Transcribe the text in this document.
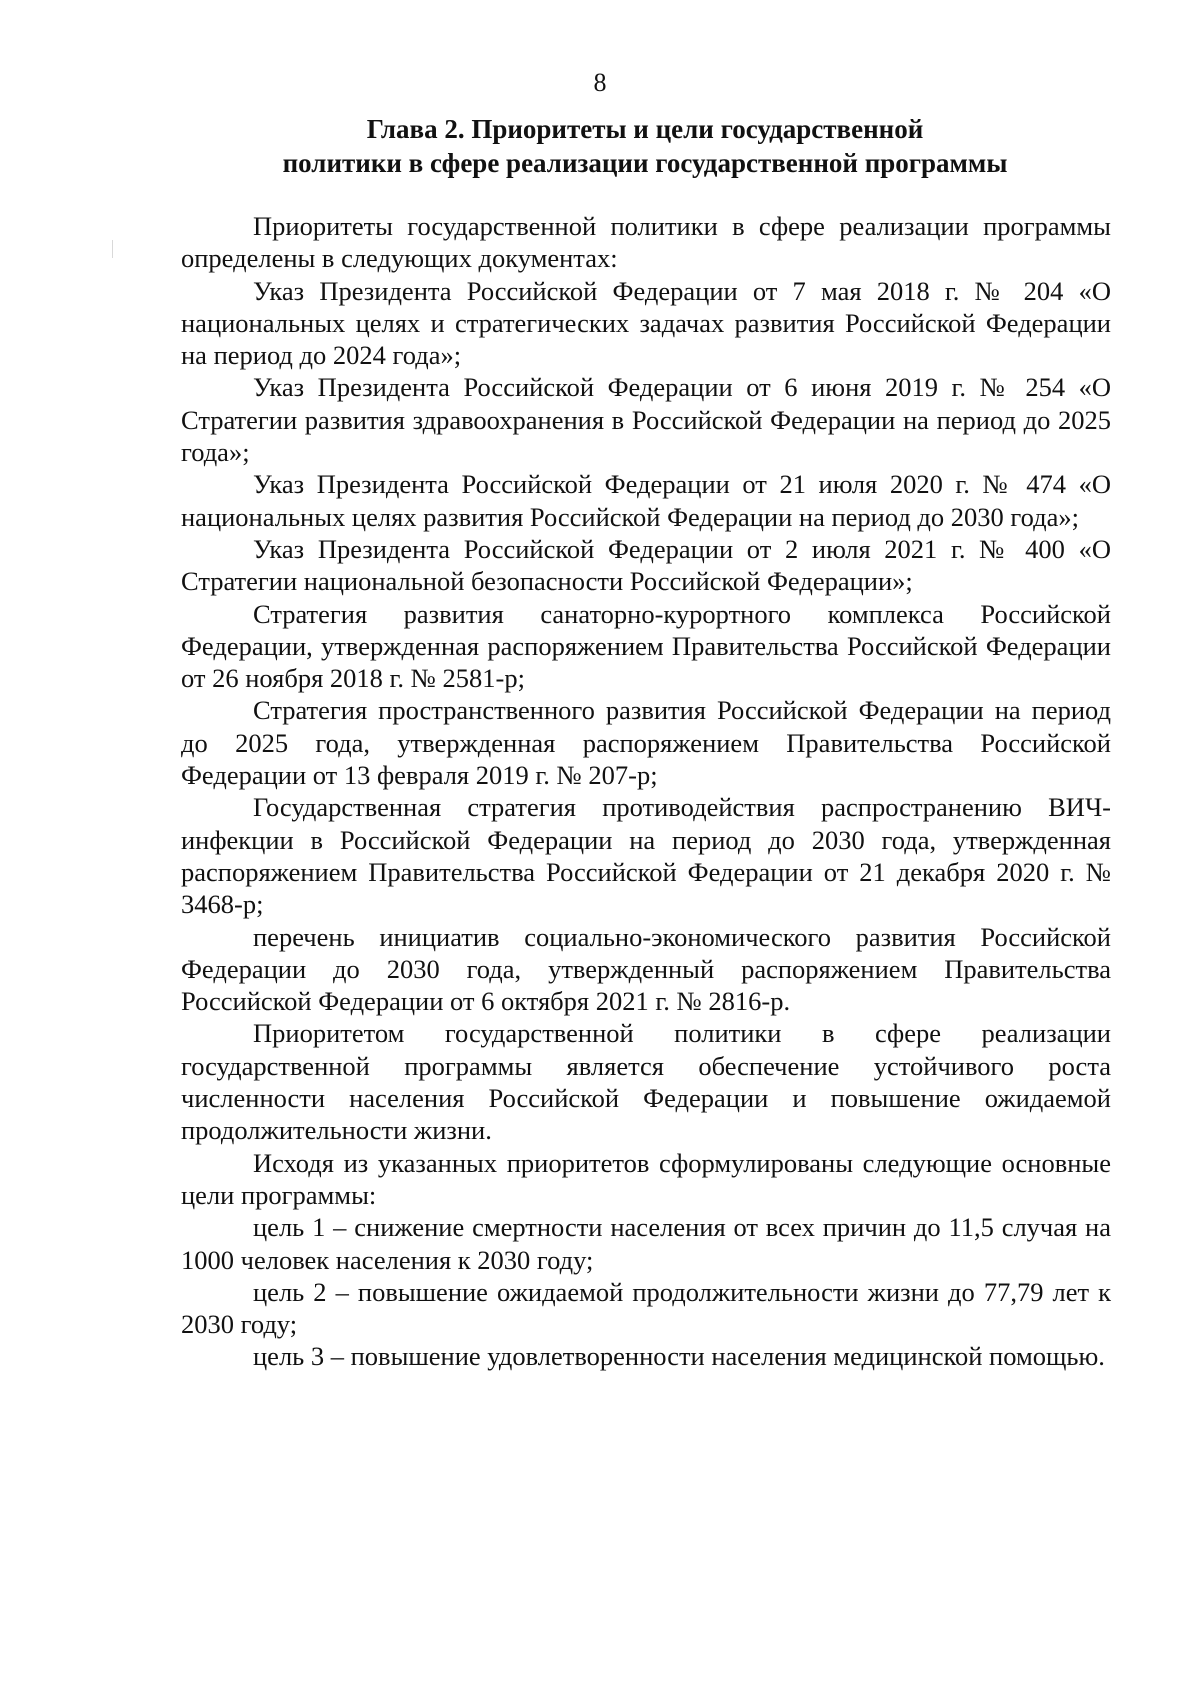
8
Глава 2. Приоритеты и цели государственной
политики в сфере реализации государственной программы

Приоритеты государственной политики в сфере реализации программы определены в следующих документах:

Указ Президента Российской Федерации от 7 мая 2018 г. № 204 «О национальных целях и стратегических задачах развития Российской Федерации на период до 2024 года»;

Указ Президента Российской Федерации от 6 июня 2019 г. № 254 «О Стратегии развития здравоохранения в Российской Федерации на период до 2025 года»;

Указ Президента Российской Федерации от 21 июля 2020 г. № 474 «О национальных целях развития Российской Федерации на период до 2030 года»;

Указ Президента Российской Федерации от 2 июля 2021 г. № 400 «О Стратегии национальной безопасности Российской Федерации»;

Стратегия развития санаторно-курортного комплекса Российской Федерации, утвержденная распоряжением Правительства Российской Федерации от 26 ноября 2018 г. № 2581-р;

Стратегия пространственного развития Российской Федерации на период до 2025 года, утвержденная распоряжением Правительства Российской Федерации от 13 февраля 2019 г. № 207-р;

Государственная стратегия противодействия распространению ВИЧ-инфекции в Российской Федерации на период до 2030 года, утвержденная распоряжением Правительства Российской Федерации от 21 декабря 2020 г. № 3468-р;

перечень инициатив социально-экономического развития Российской Федерации до 2030 года, утвержденный распоряжением Правительства Российской Федерации от 6 октября 2021 г. № 2816-р.

Приоритетом государственной политики в сфере реализации государственной программы является обеспечение устойчивого роста численности населения Российской Федерации и повышение ожидаемой продолжительности жизни.

Исходя из указанных приоритетов сформулированы следующие основные цели программы:

цель 1 – снижение смертности населения от всех причин до 11,5 случая на 1000 человек населения к 2030 году;

цель 2 – повышение ожидаемой продолжительности жизни до 77,79 лет к 2030 году;

цель 3 – повышение удовлетворенности населения медицинской помощью.
